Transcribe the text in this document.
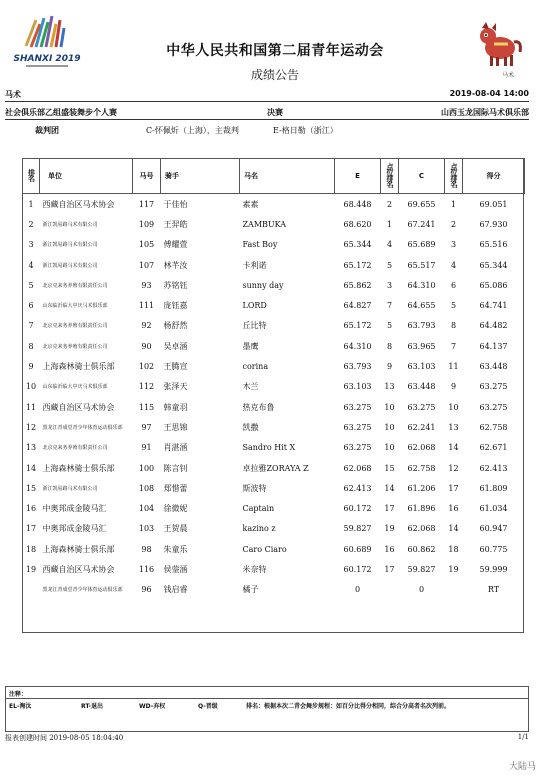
SHANXI 2019	中华人民共和国第二届青年运动会
成绩公告	马术
马术	2019-08-04 14:00
社会俱乐部乙组盛装舞步个人赛	决赛	山西玉龙国际马术俱乐部
裁判团	C-怀佩炘（上海），主裁判	E-格日勒（浙江）
排名	单位	马号	骑手	马名	E	点位排名	C	点位排名	得分
1	西藏自治区马术协会	117	于佳怡	素素	68.448	2	69.655	1	69.051
2	浙江凯易路马术有限公司	109	王羿皓	ZAMBUKA	68.620	1	67.241	2	67.930
3	浙江凯易路马术有限公司	105	傅耀萱	Fast Boy	65.344	4	65.689	3	65.516
4	浙江凯易路马术有限公司	107	林芊汝	卡利诺	65.172	5	65.517	4	65.344
5	北京克来务养殖有限责任公司	93	苏铭钰	sunny day	65.862	3	64.310	6	65.086
6	山东临沂临大中庆马术俱乐部	111	庞钰嘉	LORD	64.827	7	64.655	5	64.741
7	北京克来务养殖有限责任公司	92	杨舒然	丘比特	65.172	5	63.793	8	64.482
8	北京克来务养殖有限责任公司	90	吴卓涵	墨鹰	64.310	8	63.965	7	64.137
9	上海森林骑士俱乐部	102	王腾宣	corina	63.793	9	63.103	11	63.448
10	山东临沂临大中庆马术俱乐部	112	张泽天	木兰	63.103	13	63.448	9	63.275
11	西藏自治区马术协会	115	韩童羽	热克布鲁	63.275	10	63.275	10	63.275
12	黑龙江青成堂青少年体育运动俱乐部	97	王思锦	凯撒	63.275	10	62.241	13	62.758
13	北京克来务养殖有限责任公司	91	肖湛涵	Sandro Hit X	63.275	10	62.068	14	62.671
14	上海森林骑士俱乐部	100	陈言钊	卓拉雅ZORAYA Z	62.068	15	62.758	12	62.413
15	浙江凯易路马术有限公司	108	郑惜蕾	斯波特	62.413	14	61.206	17	61.809
16	中奥邦成金陵马汇	104	徐微妮	Captain	60.172	17	61.896	16	61.034
17	中奥邦成金陵马汇	103	王贺晨	kazino z	59.827	19	62.068	14	60.947
18	上海森林骑士俱乐部	98	朱童乐	Caro Ciaro	60.689	16	60.862	18	60.775
19	西藏自治区马术协会	116	侯蓥涵	米奈特	60.172	17	59.827	19	59.999
	黑龙江青成堂青少年体育运动俱乐部	96	钱启睿	橘子	0		0		RT
注释：
EL-淘汰	RT-退出	WD-弃权	Q-晋级	排名：根据本次二青会舞步规程：如百分比得分相同，综合分高者名次列前。
报表创建时间 2019-08-05 18:04:40	1/1
大陆马
